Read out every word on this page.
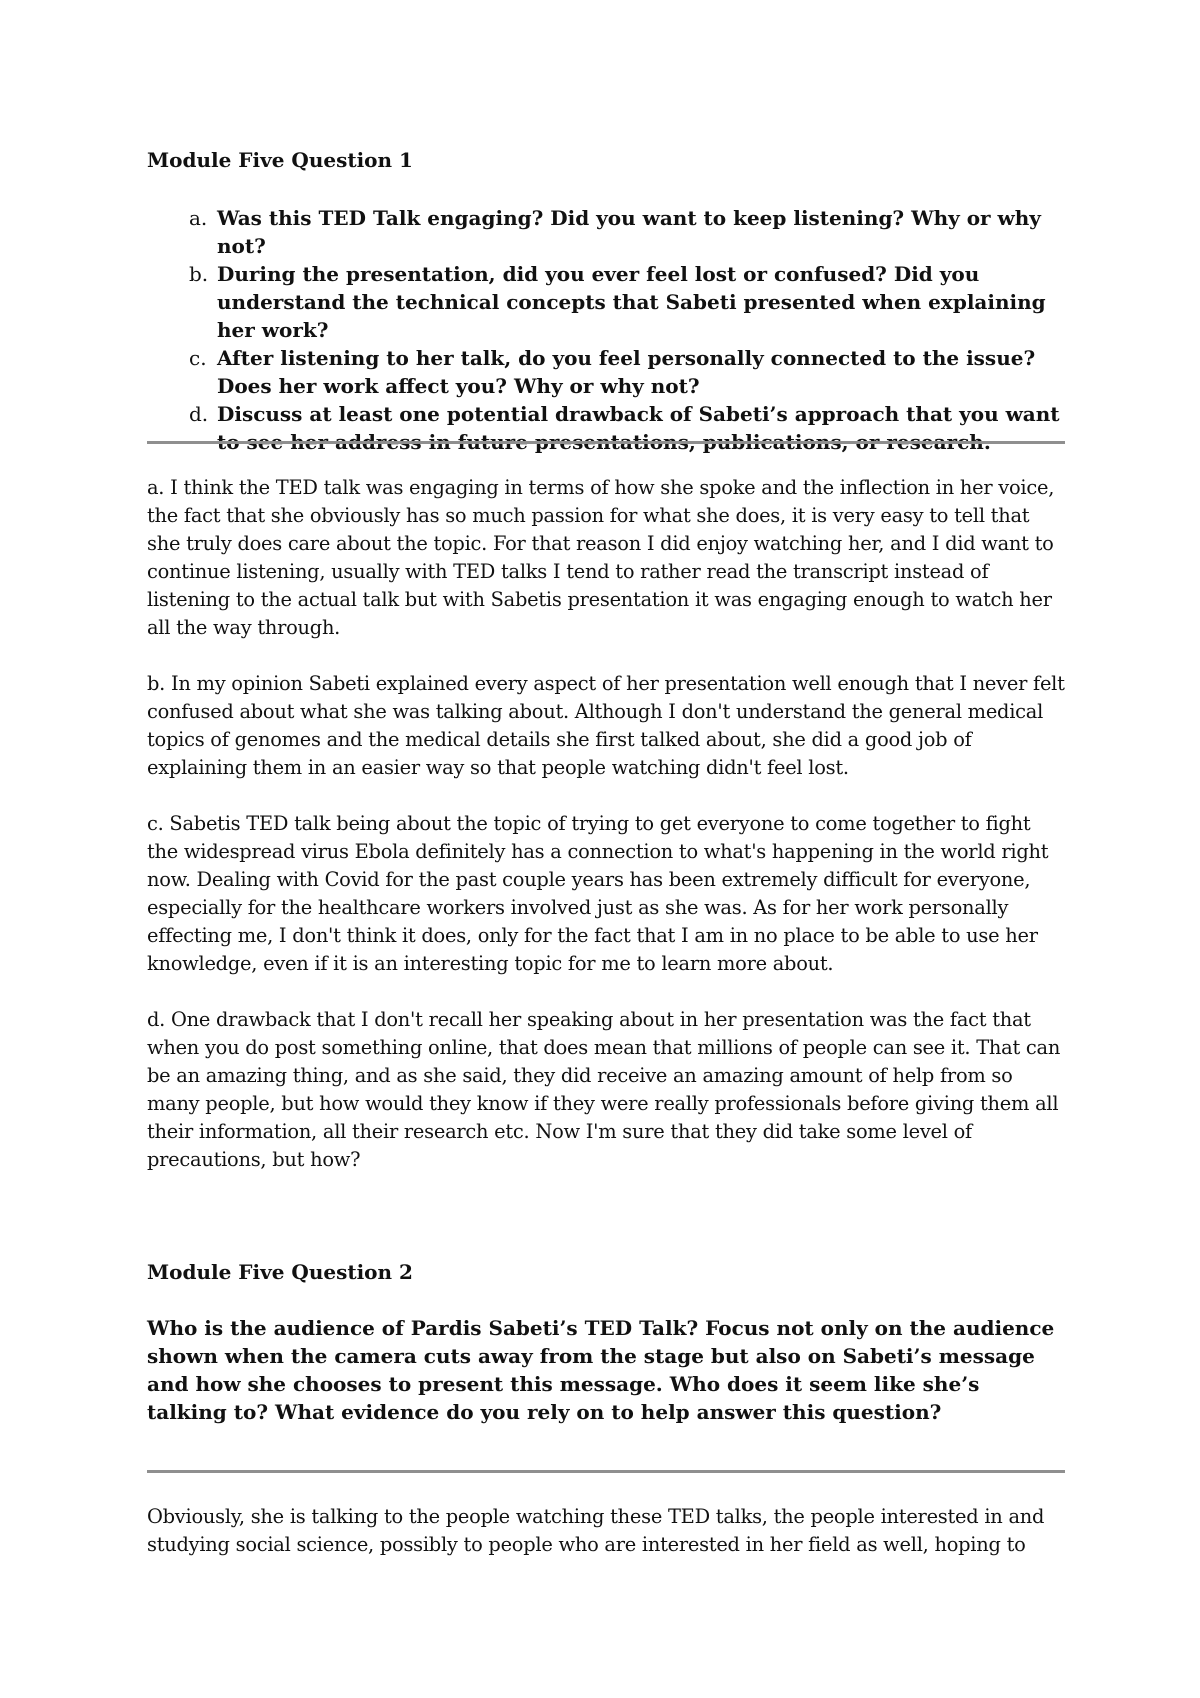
Module Five Question 1
a. Was this TED Talk engaging? Did you want to keep listening? Why or why not?
b. During the presentation, did you ever feel lost or confused? Did you understand the technical concepts that Sabeti presented when explaining her work?
c. After listening to her talk, do you feel personally connected to the issue? Does her work affect you? Why or why not?
d. Discuss at least one potential drawback of Sabeti’s approach that you want to see her address in future presentations, publications, or research.

a. I think the TED talk was engaging in terms of how she spoke and the inflection in her voice, the fact that she obviously has so much passion for what she does, it is very easy to tell that she truly does care about the topic. For that reason I did enjoy watching her, and I did want to continue listening, usually with TED talks I tend to rather read the transcript instead of listening to the actual talk but with Sabetis presentation it was engaging enough to watch her all the way through.

b. In my opinion Sabeti explained every aspect of her presentation well enough that I never felt confused about what she was talking about. Although I don't understand the general medical topics of genomes and the medical details she first talked about, she did a good job of explaining them in an easier way so that people watching didn't feel lost.

c. Sabetis TED talk being about the topic of trying to get everyone to come together to fight the widespread virus Ebola definitely has a connection to what's happening in the world right now. Dealing with Covid for the past couple years has been extremely difficult for everyone, especially for the healthcare workers involved just as she was. As for her work personally effecting me, I don't think it does, only for the fact that I am in no place to be able to use her knowledge, even if it is an interesting topic for me to learn more about.

d. One drawback that I don't recall her speaking about in her presentation was the fact that when you do post something online, that does mean that millions of people can see it. That can be an amazing thing, and as she said, they did receive an amazing amount of help from so many people, but how would they know if they were really professionals before giving them all their information, all their research etc. Now I'm sure that they did take some level of precautions, but how?

Module Five Question 2

Who is the audience of Pardis Sabeti’s TED Talk? Focus not only on the audience shown when the camera cuts away from the stage but also on Sabeti’s message and how she chooses to present this message. Who does it seem like she’s talking to? What evidence do you rely on to help answer this question?

Obviously, she is talking to the people watching these TED talks, the people interested in and studying social science, possibly to people who are interested in her field as well, hoping to
